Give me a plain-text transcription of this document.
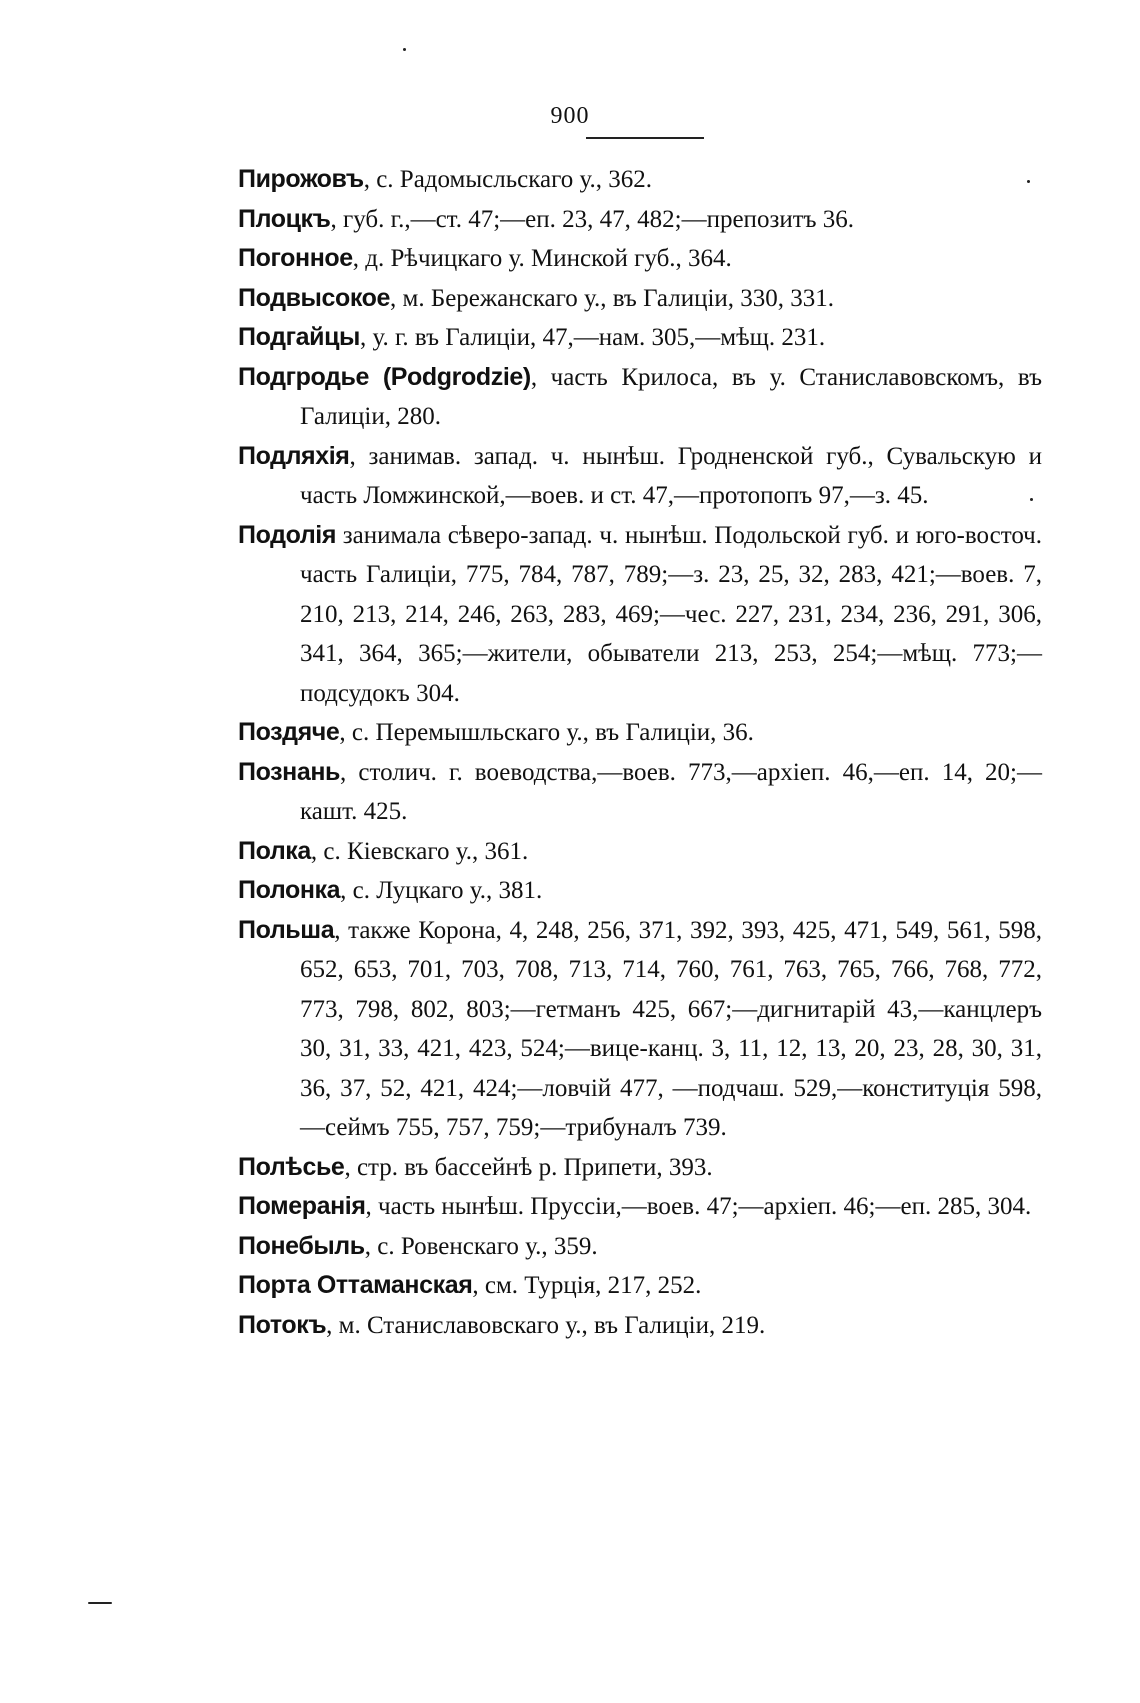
900
Пирожовъ, с. Радомысльскаго у., 362.
Плоцкъ, губ. г.,—ст. 47;—еп. 23, 47, 482;—препозитъ 36.
Погонное, д. Рѣчицкаго у. Минской губ., 364.
Подвысокое, м. Бережанскаго у., въ Галиціи, 330, 331.
Подгайцы, у. г. въ Галиціи, 47,—нам. 305,—мѣщ. 231.
Подгродье (Podgrodzie), часть Крилоса, въ у. Станиславовскомъ, въ Галиціи, 280.
Подляхія, занимав. запад. ч. нынѣш. Гродненской губ., Сувальскую и часть Ломжинской,—воев. и ст. 47,—протопопъ 97,—з. 45.
Подолія занимала сѣверо-запад. ч. нынѣш. Подольской губ. и юго-восточ. часть Галиціи, 775, 784, 787, 789;—з. 23, 25, 32, 283, 421;—воев. 7, 210, 213, 214, 246, 263, 283, 469;—чес. 227, 231, 234, 236, 291, 306, 341, 364, 365;—жители, обыватели 213, 253, 254;—мѣщ. 773;—подсудокъ 304.
Поздяче, с. Перемышльскаго у., въ Галиціи, 36.
Познань, столич. г. воеводства,—воев. 773,—архіеп. 46,—еп. 14, 20;—кашт. 425.
Полка, с. Кіевскаго у., 361.
Полонка, с. Луцкаго у., 381.
Польша, также Корона, 4, 248, 256, 371, 392, 393, 425, 471, 549, 561, 598, 652, 653, 701, 703, 708, 713, 714, 760, 761, 763, 765, 766, 768, 772, 773, 798, 802, 803;—гетманъ 425, 667;—дигнитарій 43,—канцлеръ 30, 31, 33, 421, 423, 524;—вице-канц. 3, 11, 12, 13, 20, 23, 28, 30, 31, 36, 37, 52, 421, 424;—ловчій 477, —подчаш. 529,—конституція 598,—сеймъ 755, 757, 759;—трибуналъ 739.
Полѣсье, стр. въ бассейнѣ р. Припети, 393.
Померанія, часть нынѣш. Пруссіи,—воев. 47;—архіеп. 46;—еп. 285, 304.
Понебыль, с. Ровенскаго у., 359.
Порта Оттаманская, см. Турція, 217, 252.
Потокъ, м. Станиславовскаго у., въ Галиціи, 219.
